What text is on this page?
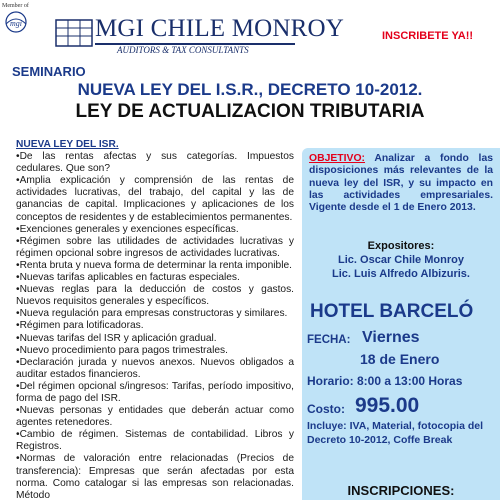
Member of
mgi	MGI CHILE MONROY
AUDITORS & TAX CONSULTANTS
INSCRIBETE YA!!
SEMINARIO
NUEVA LEY DEL I.S.R., DECRETO 10-2012.
LEY DE ACTUALIZACION TRIBUTARIA

NUEVA LEY DEL ISR.

•De las rentas afectas y sus categorías. Impuestos cedulares. Que son?

•Amplia explicación y comprensión de las rentas de actividades lucrativas, del trabajo, del capital y las de ganancias de capital. Implicaciones y aplicaciones de los conceptos de residentes y de establecimientos permanentes.

•Exenciones generales y exenciones específicas.

•Régimen sobre las utilidades de actividades lucrativas y régimen opcional sobre ingresos de actividades lucrativas.

•Renta bruta y nueva forma de determinar la renta imponible.

•Nuevas tarifas aplicables en facturas especiales.

•Nuevas reglas para la deducción de costos y gastos. Nuevos requisitos generales y específicos.

•Nueva regulación para empresas constructoras y similares.

•Régimen para lotificadoras.

•Nuevas tarifas del ISR y aplicación gradual.

•Nuevo procedimiento para pagos trimestrales.

•Declaración jurada y nuevos anexos. Nuevos obligados a auditar estados financieros.

•Del régimen opcional s/ingresos: Tarifas, período impositivo, forma de pago del ISR.

•Nuevas personas y entidades que deberán actuar como agentes retenedores.

•Cambio de régimen. Sistemas de contabilidad. Libros y Registros.

•Normas de valoración entre relacionadas (Precios de transferencia): Empresas que serán afectadas por esta norma. Como catalogar si las empresas son relacionadas. Método

OBJETIVO: Analizar a fondo las disposiciones más relevantes de la nueva ley del ISR, y su impacto en las actividades empresariales. Vigente desde el 1 de Enero 2013.
Expositores:
Lic. Oscar Chile Monroy
Lic. Luis Alfredo Albizuris.
HOTEL BARCELÓ
FECHA: Viernes
18 de Enero
Horario: 8:00 a 13:00 Horas
Costo: 995.00
Incluye: IVA, Material, fotocopia del Decreto 10-2012, Coffe Break
INSCRIPCIONES:
